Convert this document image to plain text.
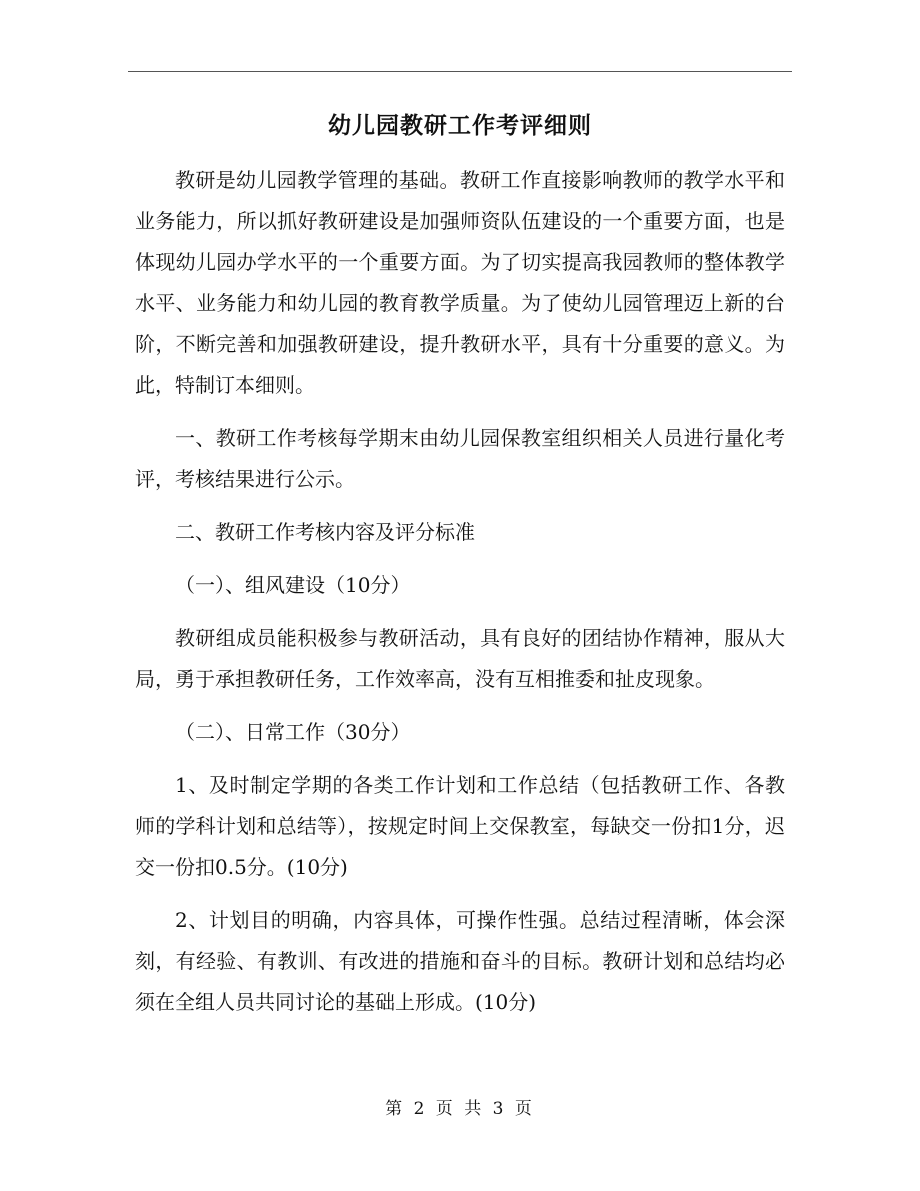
幼儿园教研工作考评细则

教研是幼儿园教学管理的基础。教研工作直接影响教师的教学水平和业务能力，所以抓好教研建设是加强师资队伍建设的一个重要方面，也是体现幼儿园办学水平的一个重要方面。为了切实提高我园教师的整体教学水平、业务能力和幼儿园的教育教学质量。为了使幼儿园管理迈上新的台阶，不断完善和加强教研建设，提升教研水平，具有十分重要的意义。为此，特制订本细则。

一、教研工作考核每学期末由幼儿园保教室组织相关人员进行量化考评，考核结果进行公示。

二、教研工作考核内容及评分标准

（一）、组风建设（10分）

教研组成员能积极参与教研活动，具有良好的团结协作精神，服从大局，勇于承担教研任务，工作效率高，没有互相推委和扯皮现象。

（二）、日常工作（30分）

1、及时制定学期的各类工作计划和工作总结（包括教研工作、各教师的学科计划和总结等），按规定时间上交保教室，每缺交一份扣1分，迟交一份扣0.5分。(10分)

2、计划目的明确，内容具体，可操作性强。总结过程清晰，体会深刻，有经验、有教训、有改进的措施和奋斗的目标。教研计划和总结均必须在全组人员共同讨论的基础上形成。(10分)

第 2 页 共 3 页
